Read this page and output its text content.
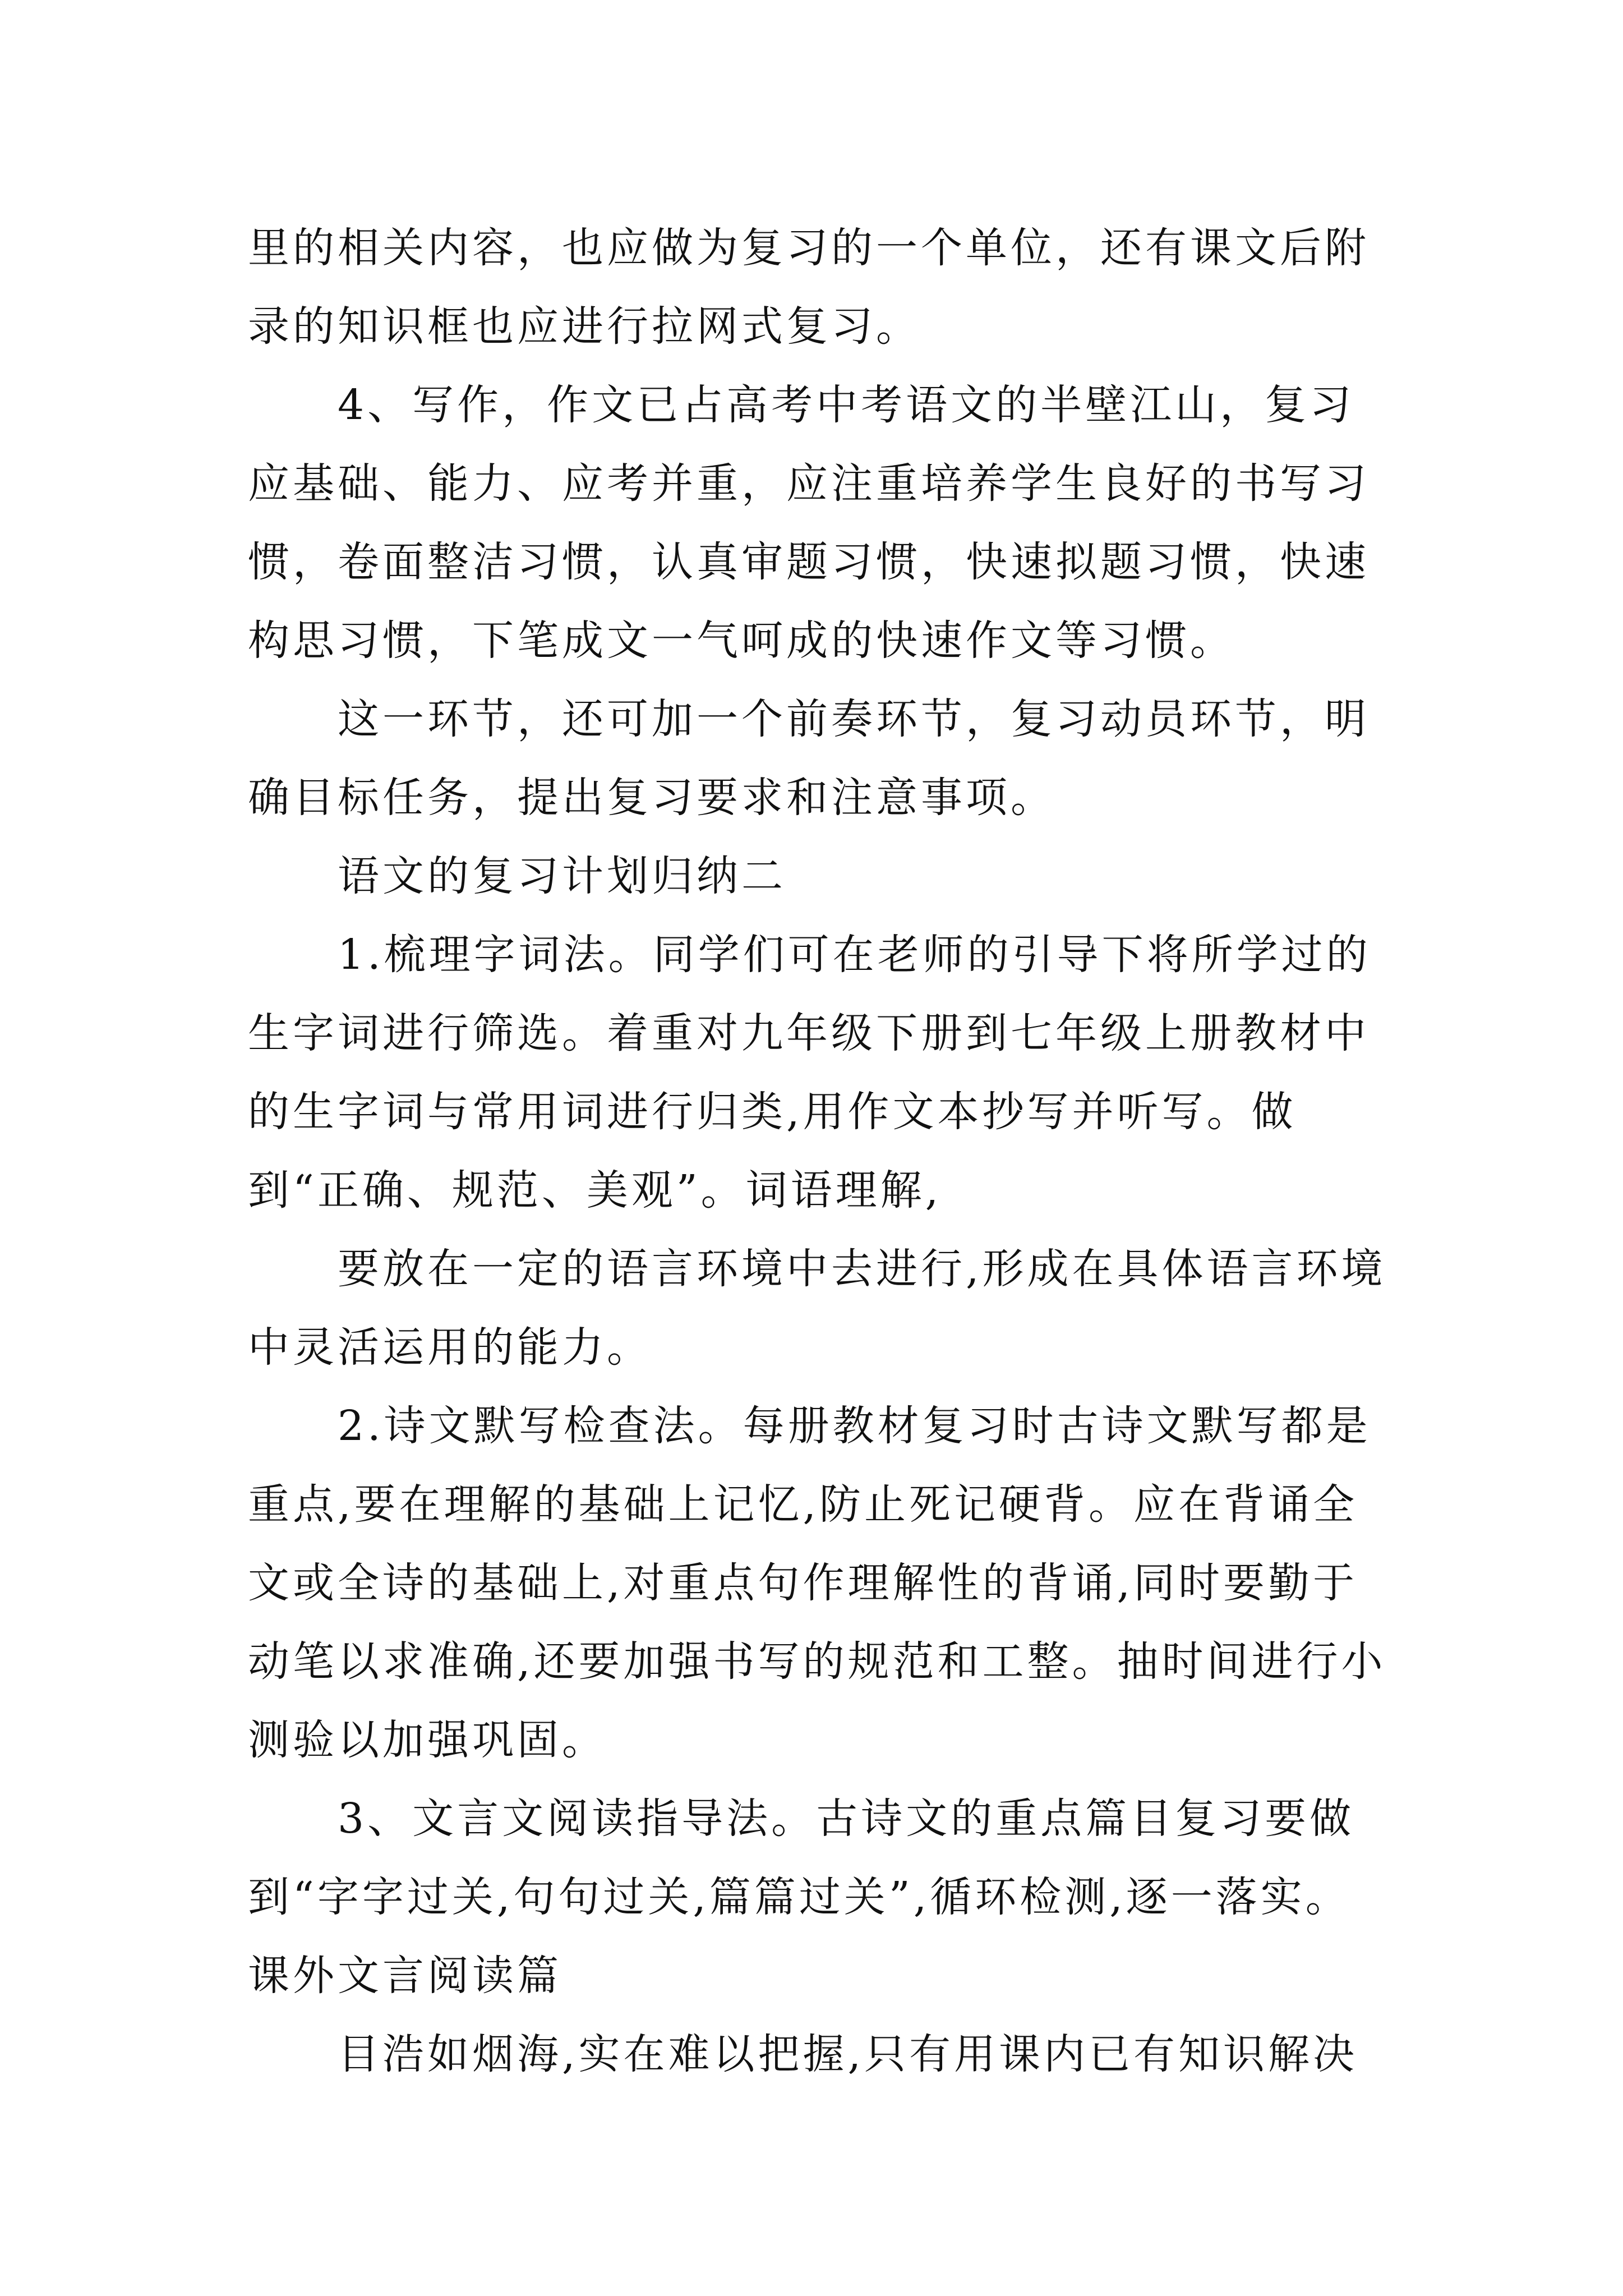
里的相关内容，也应做为复习的一个单位，还有课文后附录的知识框也应进行拉网式复习。

4、写作，作文已占高考中考语文的半壁江山，复习应基础、能力、应考并重，应注重培养学生良好的书写习惯，卷面整洁习惯，认真审题习惯，快速拟题习惯，快速构思习惯，下笔成文一气呵成的快速作文等习惯。

这一环节，还可加一个前奏环节，复习动员环节，明确目标任务，提出复习要求和注意事项。

语文的复习计划归纳二

1.梳理字词法。同学们可在老师的引导下将所学过的生字词进行筛选。着重对九年级下册到七年级上册教材中的生字词与常用词进行归类,用作文本抄写并听写。做到“正确、规范、美观”。词语理解,

要放在一定的语言环境中去进行,形成在具体语言环境中灵活运用的能力。

2.诗文默写检查法。每册教材复习时古诗文默写都是重点,要在理解的基础上记忆,防止死记硬背。应在背诵全文或全诗的基础上,对重点句作理解性的背诵,同时要勤于动笔以求准确,还要加强书写的规范和工整。抽时间进行小测验以加强巩固。

3、文言文阅读指导法。古诗文的重点篇目复习要做到“字字过关,句句过关,篇篇过关”,循环检测,逐一落实。课外文言阅读篇

目浩如烟海,实在难以把握,只有用课内已有知识解决
